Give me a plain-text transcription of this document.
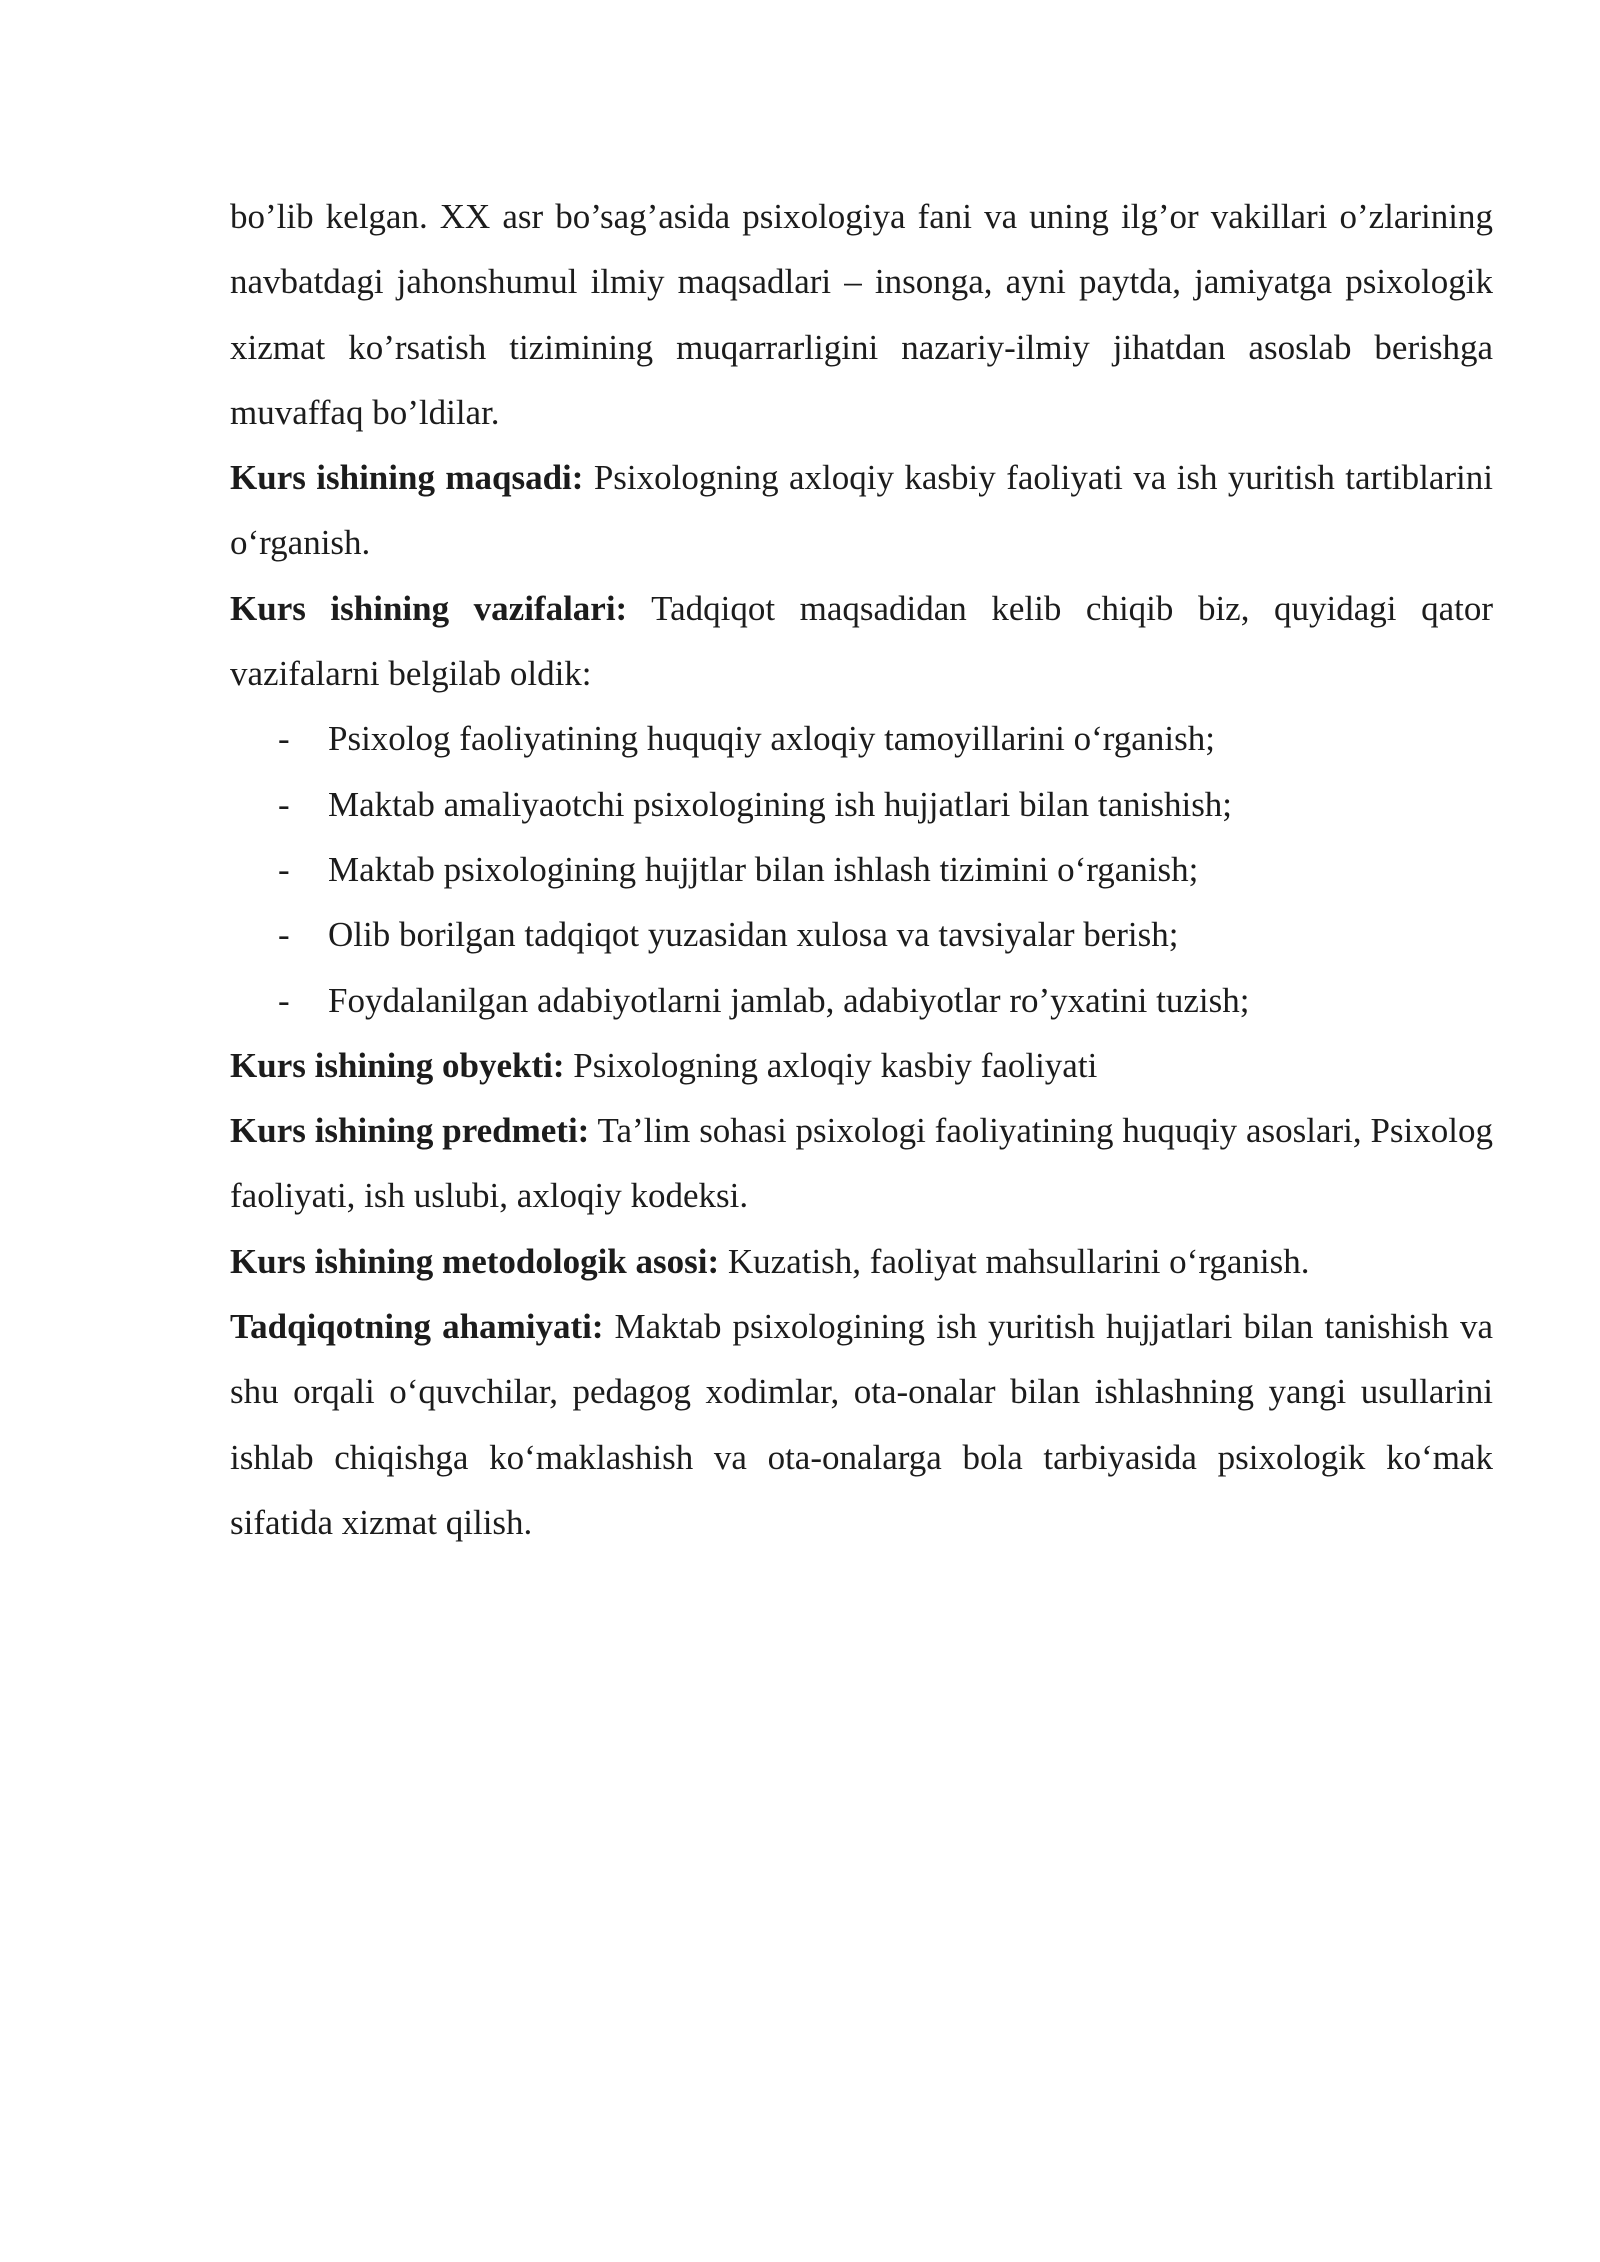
bo’lib kelgan. XX asr bo’sag’asida psixologiya fani va uning ilg’or vakillari o’zlarining navbatdagi jahonshumul ilmiy maqsadlari – insonga, ayni paytda, jamiyatga psixologik xizmat ko’rsatish tizimining muqarrarligini nazariy-ilmiy jihatdan asoslab berishga muvaffaq bo’ldilar.

Kurs ishining maqsadi: Psixologning axloqiy kasbiy faoliyati va ish yuritish tartiblarini o‘rganish.

Kurs ishining vazifalari: Tadqiqot maqsadidan kelib chiqib biz, quyidagi qator vazifalarni belgilab oldik:

- Psixolog faoliyatining huquqiy axloqiy tamoyillarini o‘rganish;
- Maktab amaliyaotchi psixologining ish hujjatlari bilan tanishish;
- Maktab psixologining hujjtlar bilan ishlash tizimini o‘rganish;
- Olib borilgan tadqiqot yuzasidan xulosa va tavsiyalar berish;
- Foydalanilgan adabiyotlarni jamlab, adabiyotlar ro’yxatini tuzish;

Kurs ishining obyekti: Psixologning axloqiy kasbiy faoliyati

Kurs ishining predmeti: Ta’lim sohasi psixologi faoliyatining huquqiy asoslari, Psixolog faoliyati, ish uslubi, axloqiy kodeksi.

Kurs ishining metodologik asosi: Kuzatish, faoliyat mahsullarini o‘rganish.

Tadqiqotning ahamiyati: Maktab psixologining ish yuritish hujjatlari bilan tanishish va shu orqali o‘quvchilar, pedagog xodimlar, ota-onalar bilan ishlashning yangi usullarini ishlab chiqishga ko‘maklashish va ota-onalarga bola tarbiyasida psixologik ko‘mak sifatida xizmat qilish.
